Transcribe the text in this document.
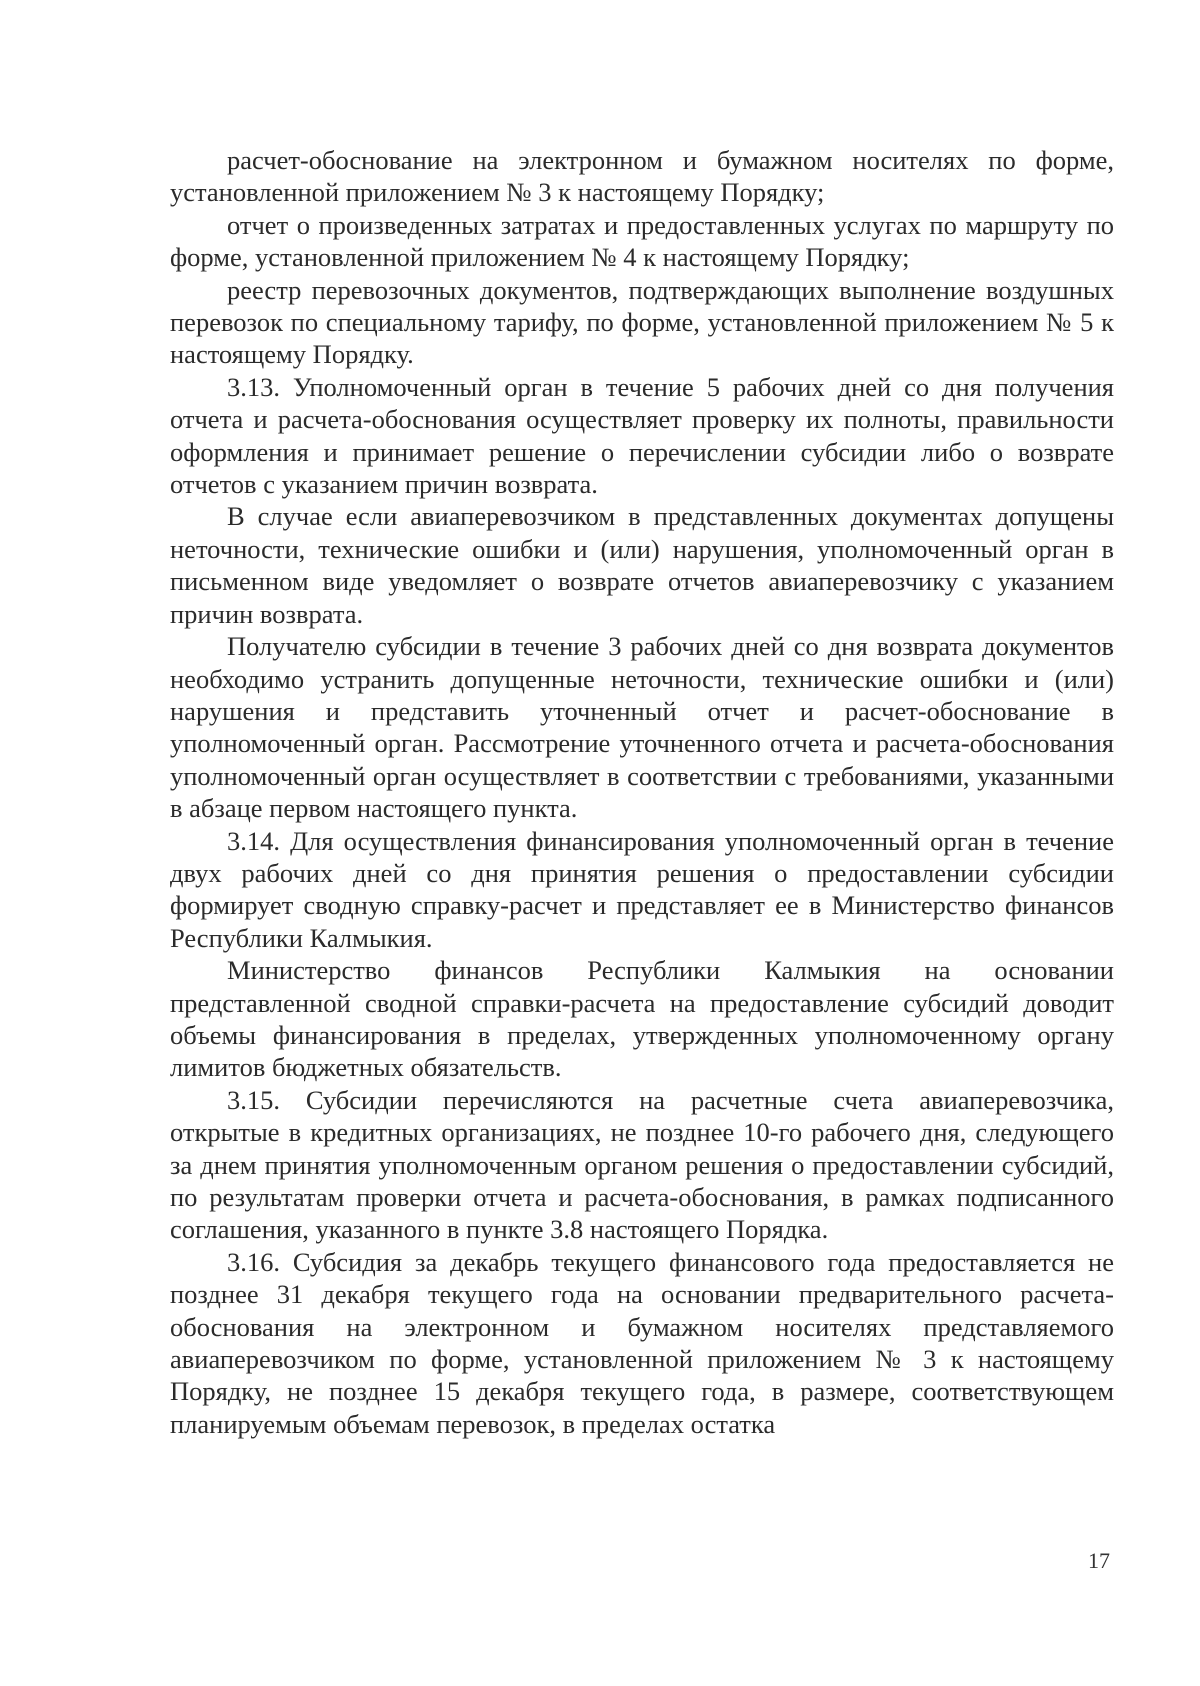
расчет-обоснование на электронном и бумажном носителях по форме, установленной приложением № 3 к настоящему Порядку;

отчет о произведенных затратах и предоставленных услугах по маршруту по форме, установленной приложением № 4 к настоящему Порядку;

реестр перевозочных документов, подтверждающих выполнение воздушных перевозок по специальному тарифу, по форме, установленной приложением № 5 к настоящему Порядку.

3.13. Уполномоченный орган в течение 5 рабочих дней со дня получения отчета и расчета-обоснования осуществляет проверку их полноты, правильности оформления и принимает решение о перечислении субсидии либо о возврате отчетов с указанием причин возврата.

В случае если авиаперевозчиком в представленных документах допущены неточности, технические ошибки и (или) нарушения, уполномоченный орган в письменном виде уведомляет о возврате отчетов авиаперевозчику с указанием причин возврата.

Получателю субсидии в течение 3 рабочих дней со дня возврата документов необходимо устранить допущенные неточности, технические ошибки и (или) нарушения и представить уточненный отчет и расчет-обоснование в уполномоченный орган. Рассмотрение уточненного отчета и расчета-обоснования уполномоченный орган осуществляет в соответствии с требованиями, указанными в абзаце первом настоящего пункта.

3.14. Для осуществления финансирования уполномоченный орган в течение двух рабочих дней со дня принятия решения о предоставлении субсидии формирует сводную справку-расчет и представляет ее в Министерство финансов Республики Калмыкия.

Министерство финансов Республики Калмыкия на основании представленной сводной справки-расчета на предоставление субсидий доводит объемы финансирования в пределах, утвержденных уполномоченному органу лимитов бюджетных обязательств.

3.15. Субсидии перечисляются на расчетные счета авиаперевозчика, открытые в кредитных организациях, не позднее 10-го рабочего дня, следующего за днем принятия уполномоченным органом решения о предоставлении субсидий, по результатам проверки отчета и расчета-обоснования, в рамках подписанного соглашения, указанного в пункте 3.8 настоящего Порядка.

3.16. Субсидия за декабрь текущего финансового года предоставляется не позднее 31 декабря текущего года на основании предварительного расчета-обоснования на электронном и бумажном носителях представляемого авиаперевозчиком по форме, установленной приложением № 3 к настоящему Порядку, не позднее 15 декабря текущего года, в размере, соответствующем планируемым объемам перевозок, в пределах остатка

17
